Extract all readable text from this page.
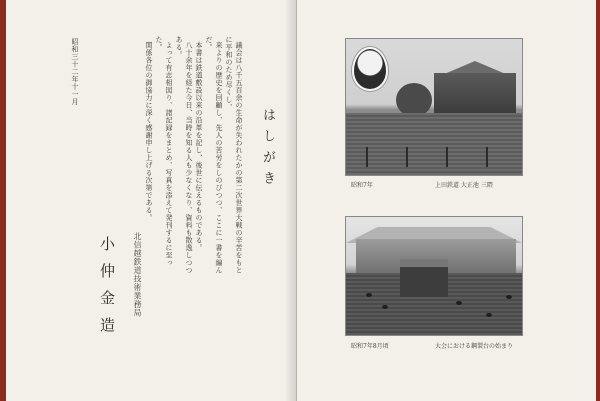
議会は八千五百余の生命が失われたかの第二次世界大戦の辛苦をもとに平和のため尽くし、
来よりの歴史を回顧し、先人の苦労をしのびつつ、ここに一書を編んだ。
本書は鉄道敷設以来の沿革を記し、後世に伝えるものである。
八十余年を経た今日、当時を知る人も少なくなり、資料も散逸しつつある。
よって有志相図り、諸記録をまとめ、写真を添えて発刊するに至った。
関係各位の御協力に深く感謝申し上げる次第である。
昭和三十二年十一月
はしがき
北信越鉄道技術業務局
小仲金造
昭和7年	上田鉄道 大正池 三隈
昭和7年8月頃	大会における鋼製台の始まり
